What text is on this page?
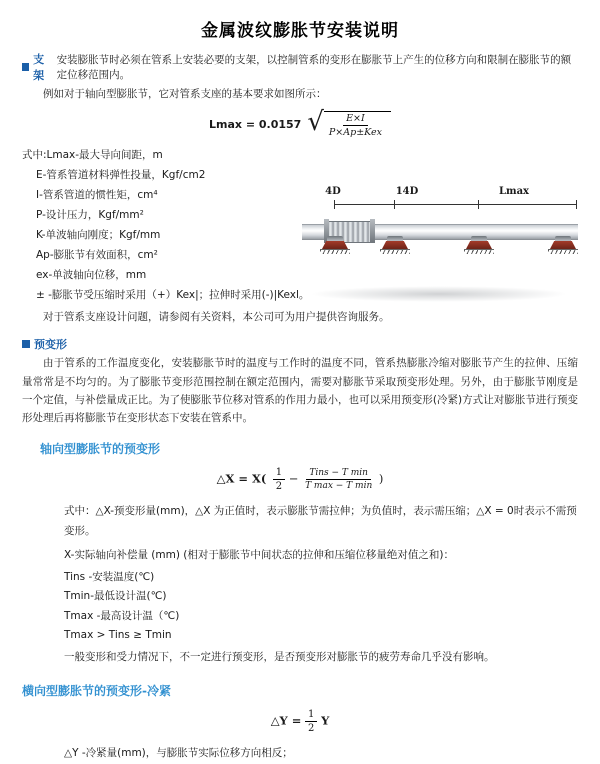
金属波纹膨胀节安装说明
支架
安装膨胀节时必须在管系上安装必要的支架，以控制管系的变形在膨胀节上产生的位移方向和限制在膨胀节的额定位移范围内。
例如对于轴向型膨胀节，它对管系支座的基本要求如图所示：
Lmax = 0.0157 √ $\frac{E\times I}{\text{P×Ap±Kex}}$
4D	14D	Lmax
式中:Lmax-最大导向间距，m
E-管系管道材料弹性投量，Kgf/cm2
I-管系管道的惯性矩，cm⁴
P-设计压力，Kgf/mm²
K-单波轴向刚度；Kgf/mm
Ap-膨胀节有效面积，cm²
ex-单波轴向位移，mm
± -膨胀节受压缩时采用（+）Kex|；拉伸时采用(-)|Kexl。
对于管系支座设计问题，请参阅有关资料，本公司可为用户提供咨询服务。
预变形
由于管系的工作温度变化，安装膨胀节时的温度与工作时的温度不同，管系热膨胀冷缩对膨胀节产生的拉伸、压缩量常常是不均匀的。为了膨胀节变形范围控制在额定范围内，需要对膨胀节采取预变形处理。另外，由于膨胀节刚度是一个定值，与补偿量成正比。为了使膨胀节位移对管系的作用力最小，也可以采用预变形(冷紧)方式让对膨胀节进行预变形处理后再将膨胀节在变形状态下安装在管系中。
轴向型膨胀节的预变形
△X = $X( \frac{1}{2} - \frac{\text{Tins − T min}}{\text{T max − T min}}$ )
式中：△X-预变形量(mm)，△X 为正值时，表示膨胀节需拉伸；为负值时，表示需压缩；△X = 0时表示不需预变形。
X-实际轴向补偿量 (mm) (相对于膨胀节中间状态的拉伸和压缩位移量绝对值之和)：
Tins -安装温度(℃)
Tmin-最低设计温(℃)
Tmax -最高设计温（℃)
Tmax > Tins ≥ Tmin
一般变形和受力情况下，不一定进行预变形，是否预变形对膨胀节的疲劳寿命几乎没有影响。
横向型膨胀节的预变形-冷紧
△Y = $\frac{1}{2}$ Y
△Y -冷紧量(mm)，与膨胀节实际位移方向相反；
